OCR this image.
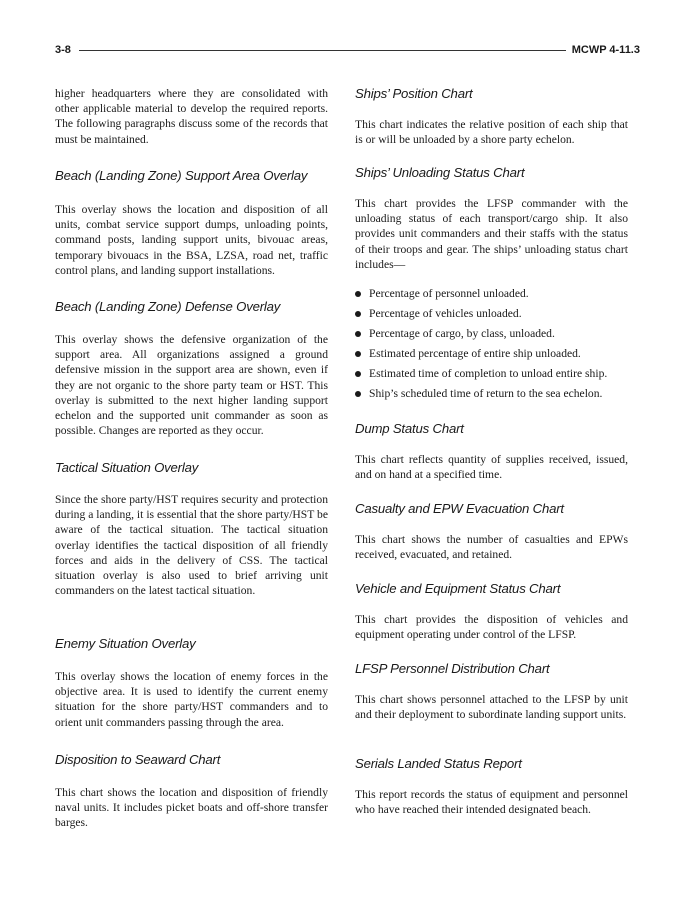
3-8	MCWP 4-11.3

higher headquarters where they are consolidated with other applicable material to develop the required reports. The following paragraphs discuss some of the records that must be maintained.

Beach (Landing Zone) Support Area Overlay

This overlay shows the location and disposition of all units, combat service support dumps, unloading points, command posts, landing support units, bivouac areas, temporary bivouacs in the BSA, LZSA, road net, traffic control plans, and landing support installations.

Beach (Landing Zone) Defense Overlay

This overlay shows the defensive organization of the support area. All organizations assigned a ground defensive mission in the support area are shown, even if they are not organic to the shore party team or HST. This overlay is submitted to the next higher landing support echelon and the supported unit commander as soon as possible. Changes are reported as they occur.

Tactical Situation Overlay

Since the shore party/HST requires security and protection during a landing, it is essential that the shore party/HST be aware of the tactical situation. The tactical situation overlay identifies the tactical disposition of all friendly forces and aids in the delivery of CSS. The tactical situation overlay is also used to brief arriving unit commanders on the latest tactical situation.

Enemy Situation Overlay

This overlay shows the location of enemy forces in the objective area. It is used to identify the current enemy situation for the shore party/HST commanders and to orient unit commanders passing through the area.

Disposition to Seaward Chart

This chart shows the location and disposition of friendly naval units. It includes picket boats and off-shore transfer barges.

Ships’ Position Chart

This chart indicates the relative position of each ship that is or will be unloaded by a shore party echelon.

Ships’ Unloading Status Chart

This chart provides the LFSP commander with the unloading status of each transport/cargo ship. It also provides unit commanders and their staffs with the status of their troops and gear. The ships’ unloading status chart includes—

Percentage of personnel unloaded.
Percentage of vehicles unloaded.
Percentage of cargo, by class, unloaded.
Estimated percentage of entire ship unloaded.
Estimated time of completion to unload entire ship.
Ship’s scheduled time of return to the sea echelon.
Dump Status Chart

This chart reflects quantity of supplies received, issued, and on hand at a specified time.

Casualty and EPW Evacuation Chart

This chart shows the number of casualties and EPWs received, evacuated, and retained.

Vehicle and Equipment Status Chart

This chart provides the disposition of vehicles and equipment operating under control of the LFSP.

LFSP Personnel Distribution Chart

This chart shows personnel attached to the LFSP by unit and their deployment to subordinate landing support units.

Serials Landed Status Report

This report records the status of equipment and personnel who have reached their intended designated beach.
